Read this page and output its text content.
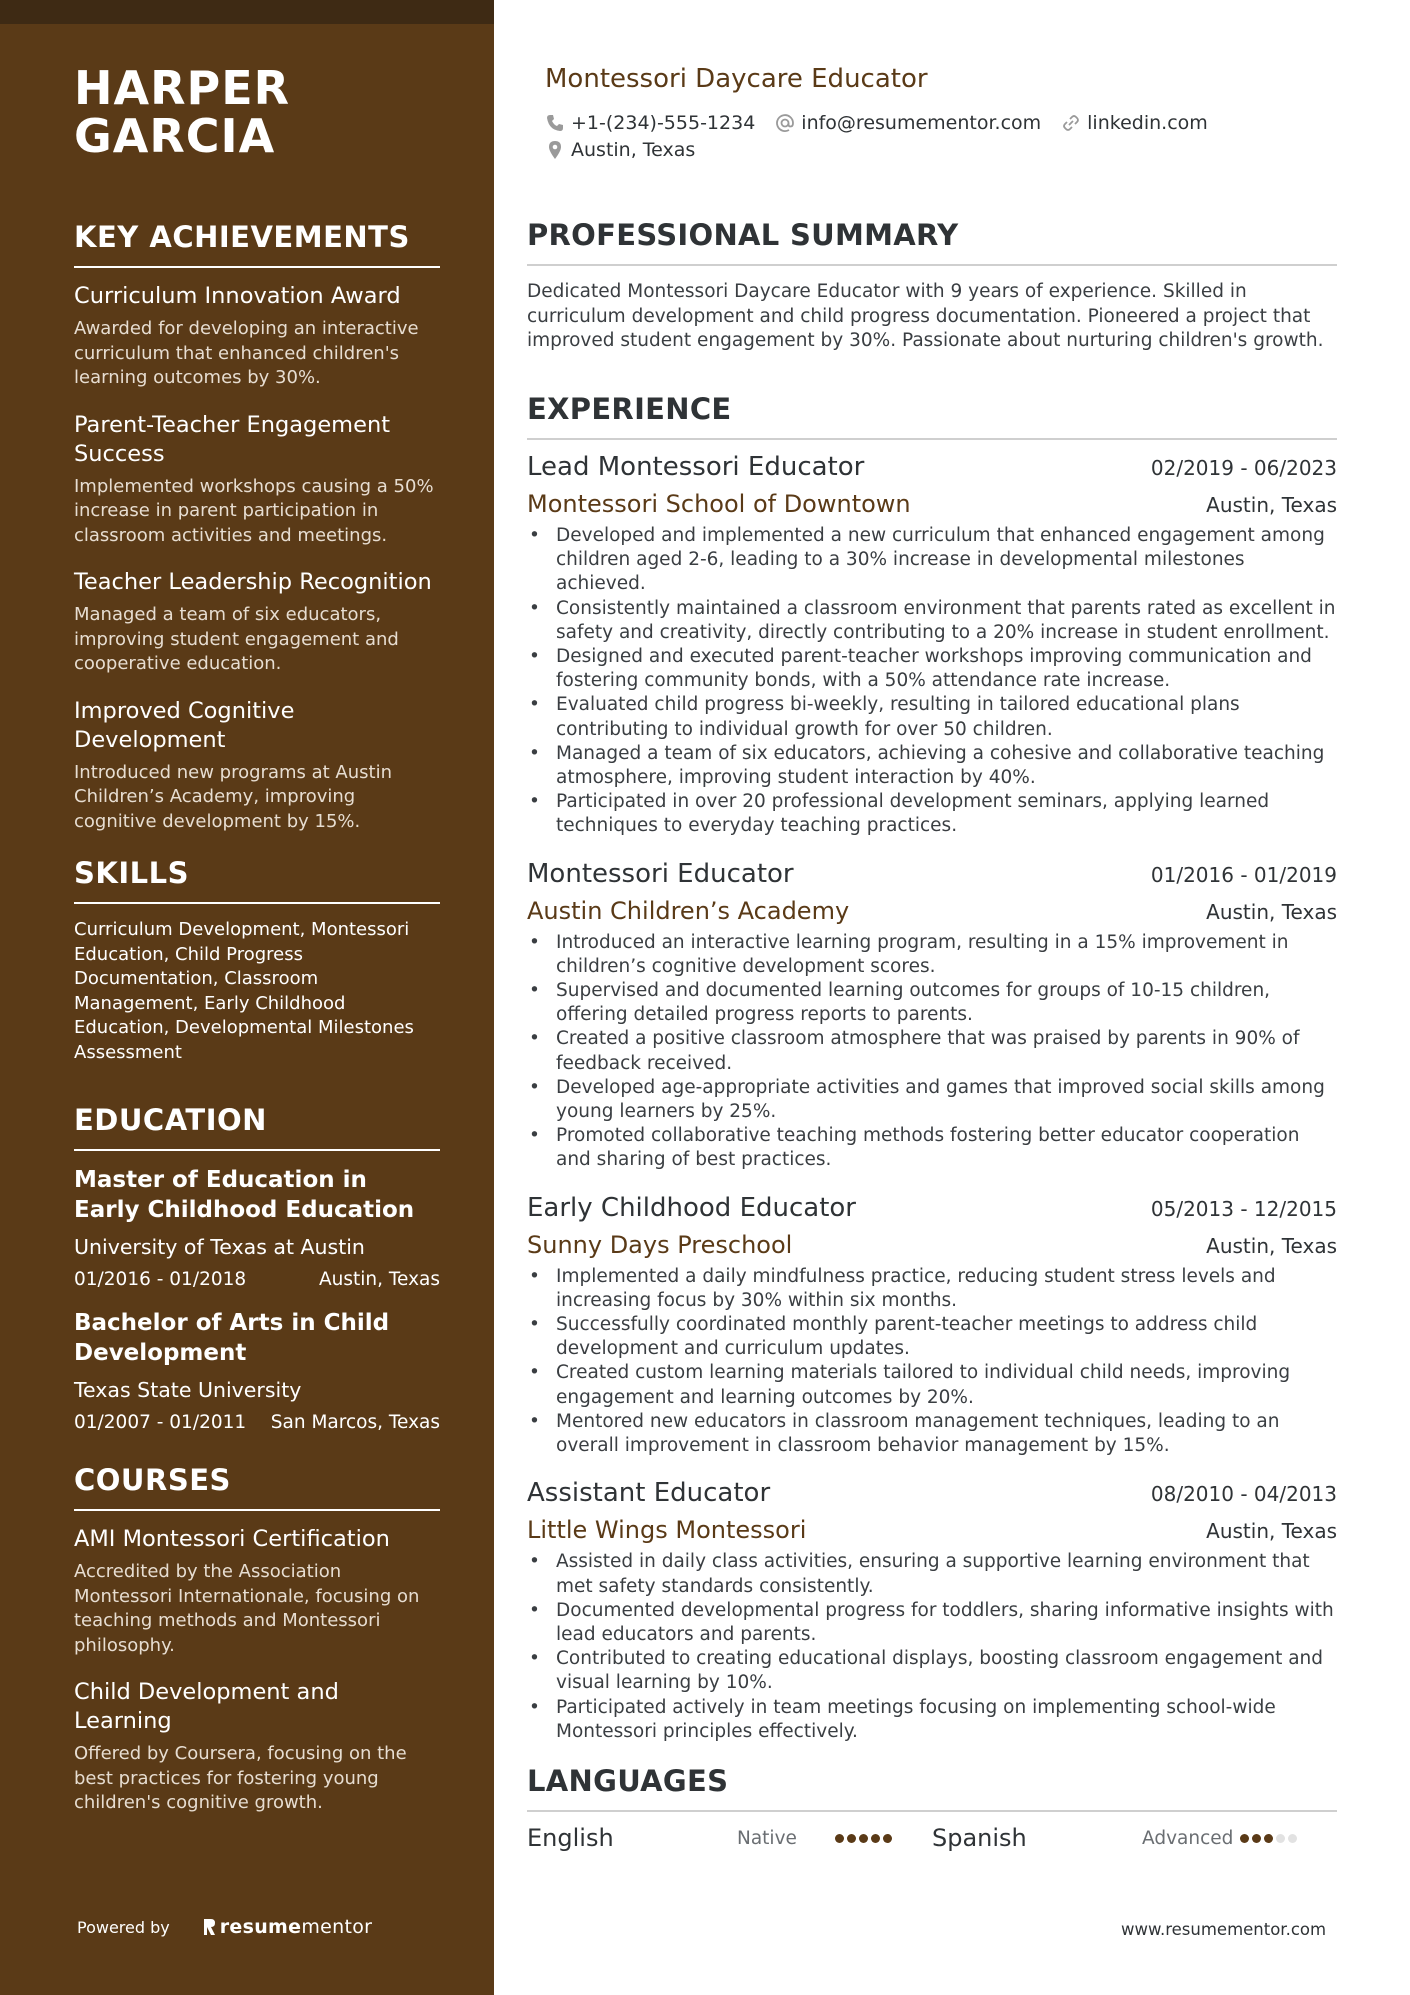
HARPER
GARCIA
KEY ACHIEVEMENTS
Curriculum Innovation Award
Awarded for developing an interactive curriculum that enhanced children's learning outcomes by 30%.
Parent-Teacher Engagement Success
Implemented workshops causing a 50% increase in parent participation in classroom activities and meetings.
Teacher Leadership Recognition
Managed a team of six educators, improving student engagement and cooperative education.
Improved Cognitive Development
Introduced new programs at Austin Children’s Academy, improving cognitive development by 15%.
SKILLS
Curriculum Development, Montessori Education, Child Progress Documentation, Classroom Management, Early Childhood Education, Developmental Milestones Assessment
EDUCATION
Master of Education in Early Childhood Education
University of Texas at Austin
01/2016 - 01/2018	Austin, Texas
Bachelor of Arts in Child Development
Texas State University
01/2007 - 01/2011 San Marcos, Texas
COURSES
AMI Montessori Certification
Accredited by the Association Montessori Internationale, focusing on teaching methods and Montessori philosophy.
Child Development and Learning
Offered by Coursera, focusing on the best practices for fostering young children's cognitive growth.
Powered by	resume mentor
Montessori Daycare Educator
+1-(234)-555-1234 info@resumementor.com linkedin.com
Austin, Texas
PROFESSIONAL SUMMARY
Dedicated Montessori Daycare Educator with 9 years of experience. Skilled in curriculum development and child progress documentation. Pioneered a project that improved student engagement by 30%. Passionate about nurturing children's growth.
EXPERIENCE
Lead Montessori Educator	02/2019 - 06/2023
Montessori School of Downtown	Austin, Texas
• Developed and implemented a new curriculum that enhanced engagement among children aged 2-6, leading to a 30% increase in developmental milestones achieved.
• Consistently maintained a classroom environment that parents rated as excellent in safety and creativity, directly contributing to a 20% increase in student enrollment.
• Designed and executed parent-teacher workshops improving communication and fostering community bonds, with a 50% attendance rate increase.
• Evaluated child progress bi-weekly, resulting in tailored educational plans contributing to individual growth for over 50 children.
• Managed a team of six educators, achieving a cohesive and collaborative teaching atmosphere, improving student interaction by 40%.
• Participated in over 20 professional development seminars, applying learned techniques to everyday teaching practices.
Montessori Educator	01/2016 - 01/2019
Austin Children’s Academy	Austin, Texas
• Introduced an interactive learning program, resulting in a 15% improvement in children’s cognitive development scores.
• Supervised and documented learning outcomes for groups of 10-15 children, offering detailed progress reports to parents.
• Created a positive classroom atmosphere that was praised by parents in 90% of feedback received.
• Developed age-appropriate activities and games that improved social skills among young learners by 25%.
• Promoted collaborative teaching methods fostering better educator cooperation and sharing of best practices.
Early Childhood Educator	05/2013 - 12/2015
Sunny Days Preschool	Austin, Texas
• Implemented a daily mindfulness practice, reducing student stress levels and increasing focus by 30% within six months.
• Successfully coordinated monthly parent-teacher meetings to address child development and curriculum updates.
• Created custom learning materials tailored to individual child needs, improving engagement and learning outcomes by 20%.
• Mentored new educators in classroom management techniques, leading to an overall improvement in classroom behavior management by 15%.
Assistant Educator	08/2010 - 04/2013
Little Wings Montessori	Austin, Texas
• Assisted in daily class activities, ensuring a supportive learning environment that met safety standards consistently.
• Documented developmental progress for toddlers, sharing informative insights with lead educators and parents.
• Contributed to creating educational displays, boosting classroom engagement and visual learning by 10%.
• Participated actively in team meetings focusing on implementing school-wide Montessori principles effectively.
LANGUAGES
English	Native	Spanish	Advanced
www.resumementor.com
